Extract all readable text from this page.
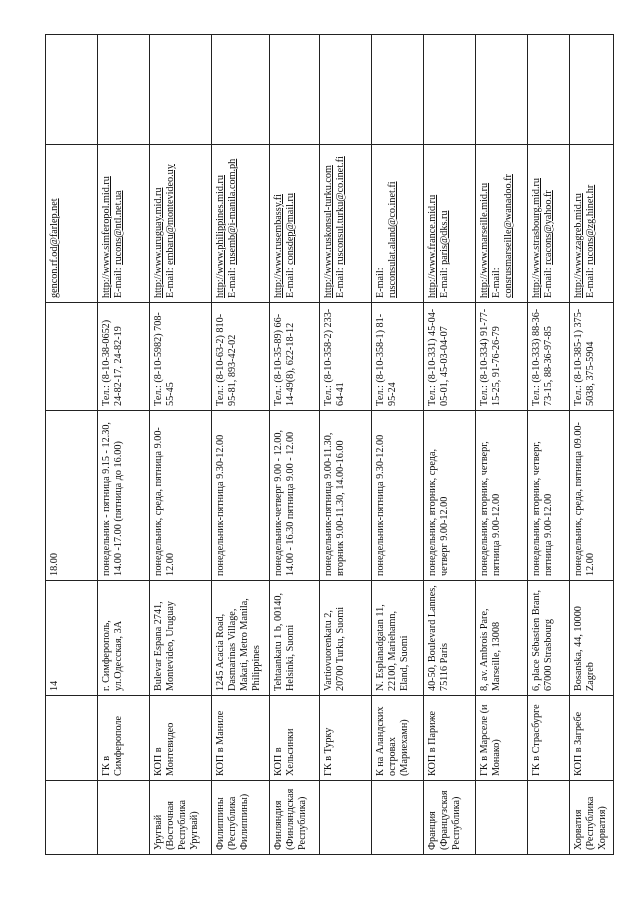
		14	18.00		gencon.rf.od@farlep.net	
	ГК в Симферополе	г. Симферополь, ул.Одесская, 3А	понедельник - пятница 9.15 - 12.30, 14.00 -17.00 (пятница до 16.00)	Тел.: (8-10-38-0652) 24-82-17, 24-82-19	http://www.simferopol.mid.ru E-mail: rucons@ntl.net.ua	
Уругвай (Восточная Республика Уругвай)	КОП в Монтевидео	Bulevar Espana 2741, Montevideo, Uruguay	понедельник, среда, пятница 9.00-12.00	Тел.: (8-10-5982) 708-55-45	http://www.uruguay.mid.ru E-mail: embaru@montevideo.uy	
Филиппины (Республика Филиппины)	КОП в Маниле	1245 Acacia Road, Dasmarinas Village, Makati, Metro Manila, Philippines	понедельник-пятница 9.30-12.00	Тел.: (8-10-63-2) 810-95-81, 893-42-02	http://www.philippines.mid.ru E-mail: rusemb@i-manila.com.ph	
Финляндия (Финляндская Республика)	КОП в Хельсинки	Tehtaankatu 1 b, 00140, Helsinki, Suomi	понедельник-четверг 9.00 - 12.00, 14.00 - 16.30 пятница 9.00 - 12.00	Тел.: (8-10-35-89) 66-14-49(8), 622-18-12	http://www.rusembassy.fi E-mail: consdep@mail.ru	
	ГК в Турку	Vartiovuorenkatu 2, 20700 Turku, Suomi	понедельник-пятница 9.00-11.30, вторник 9.00-11.30, 14.00-16.00	Тел.: (8-10-358-2) 233-64-41	http://www.ruskonsul-turku.com E-mail: rusconsul.turku@co.inet.fi	
	К на Аландских островах (Мариехамн)	N. Esplanadgatan 11, 22100, Mariehamn, Eland, Suomi	понедельник-пятница 9.30-12.00	Тел.: (8-10-358-1) 81-95-24	E-mail: rusconsulat.aland@co.inet.fi	
Франция (Французская Республика)	КОП в Париже	40-50, Boulevard Lannes, 75116 Paris	понедельник, вторник, среда, четверг 9.00-12.00	Тел.: (8-10-331) 45-04-05-01, 45-03-04-07	http://www.france.mid.ru E-mail: paris@dks.ru	
	ГК в Марселе (и Монако)	8, av. Ambrois Pare, Marseille, 13008	понедельник, вторник, четверг, пятница 9.00-12.00	Тел.: (8-10-334) 91-77-15-25, 91-76-26-79	http://www.marseille.mid.ru E-mail: consrusmarseille@wanadoo.fr	
	ГК в Страсбурге	6, place Sébastien Brant, 67000 Strasbourg	понедельник, вторник, четверг, пятница 9.00-12.00	Тел.: (8-10-333) 88-36-73-15, 88-36-97-85	http://www.strasbourg.mid.ru E-mail: rcacons@yahoo.fr	
Хорватия (Республика Хорватия)	КОП в Загребе	Bosanska, 44, 10000 Zagreb	понедельник, среда, пятница 09.00-12.00	Тел.: (8-10-385-1) 375-5038, 375-5904	http://www.zagreb.mid.ru E-mail: rucons@zg.hinet.hr	
